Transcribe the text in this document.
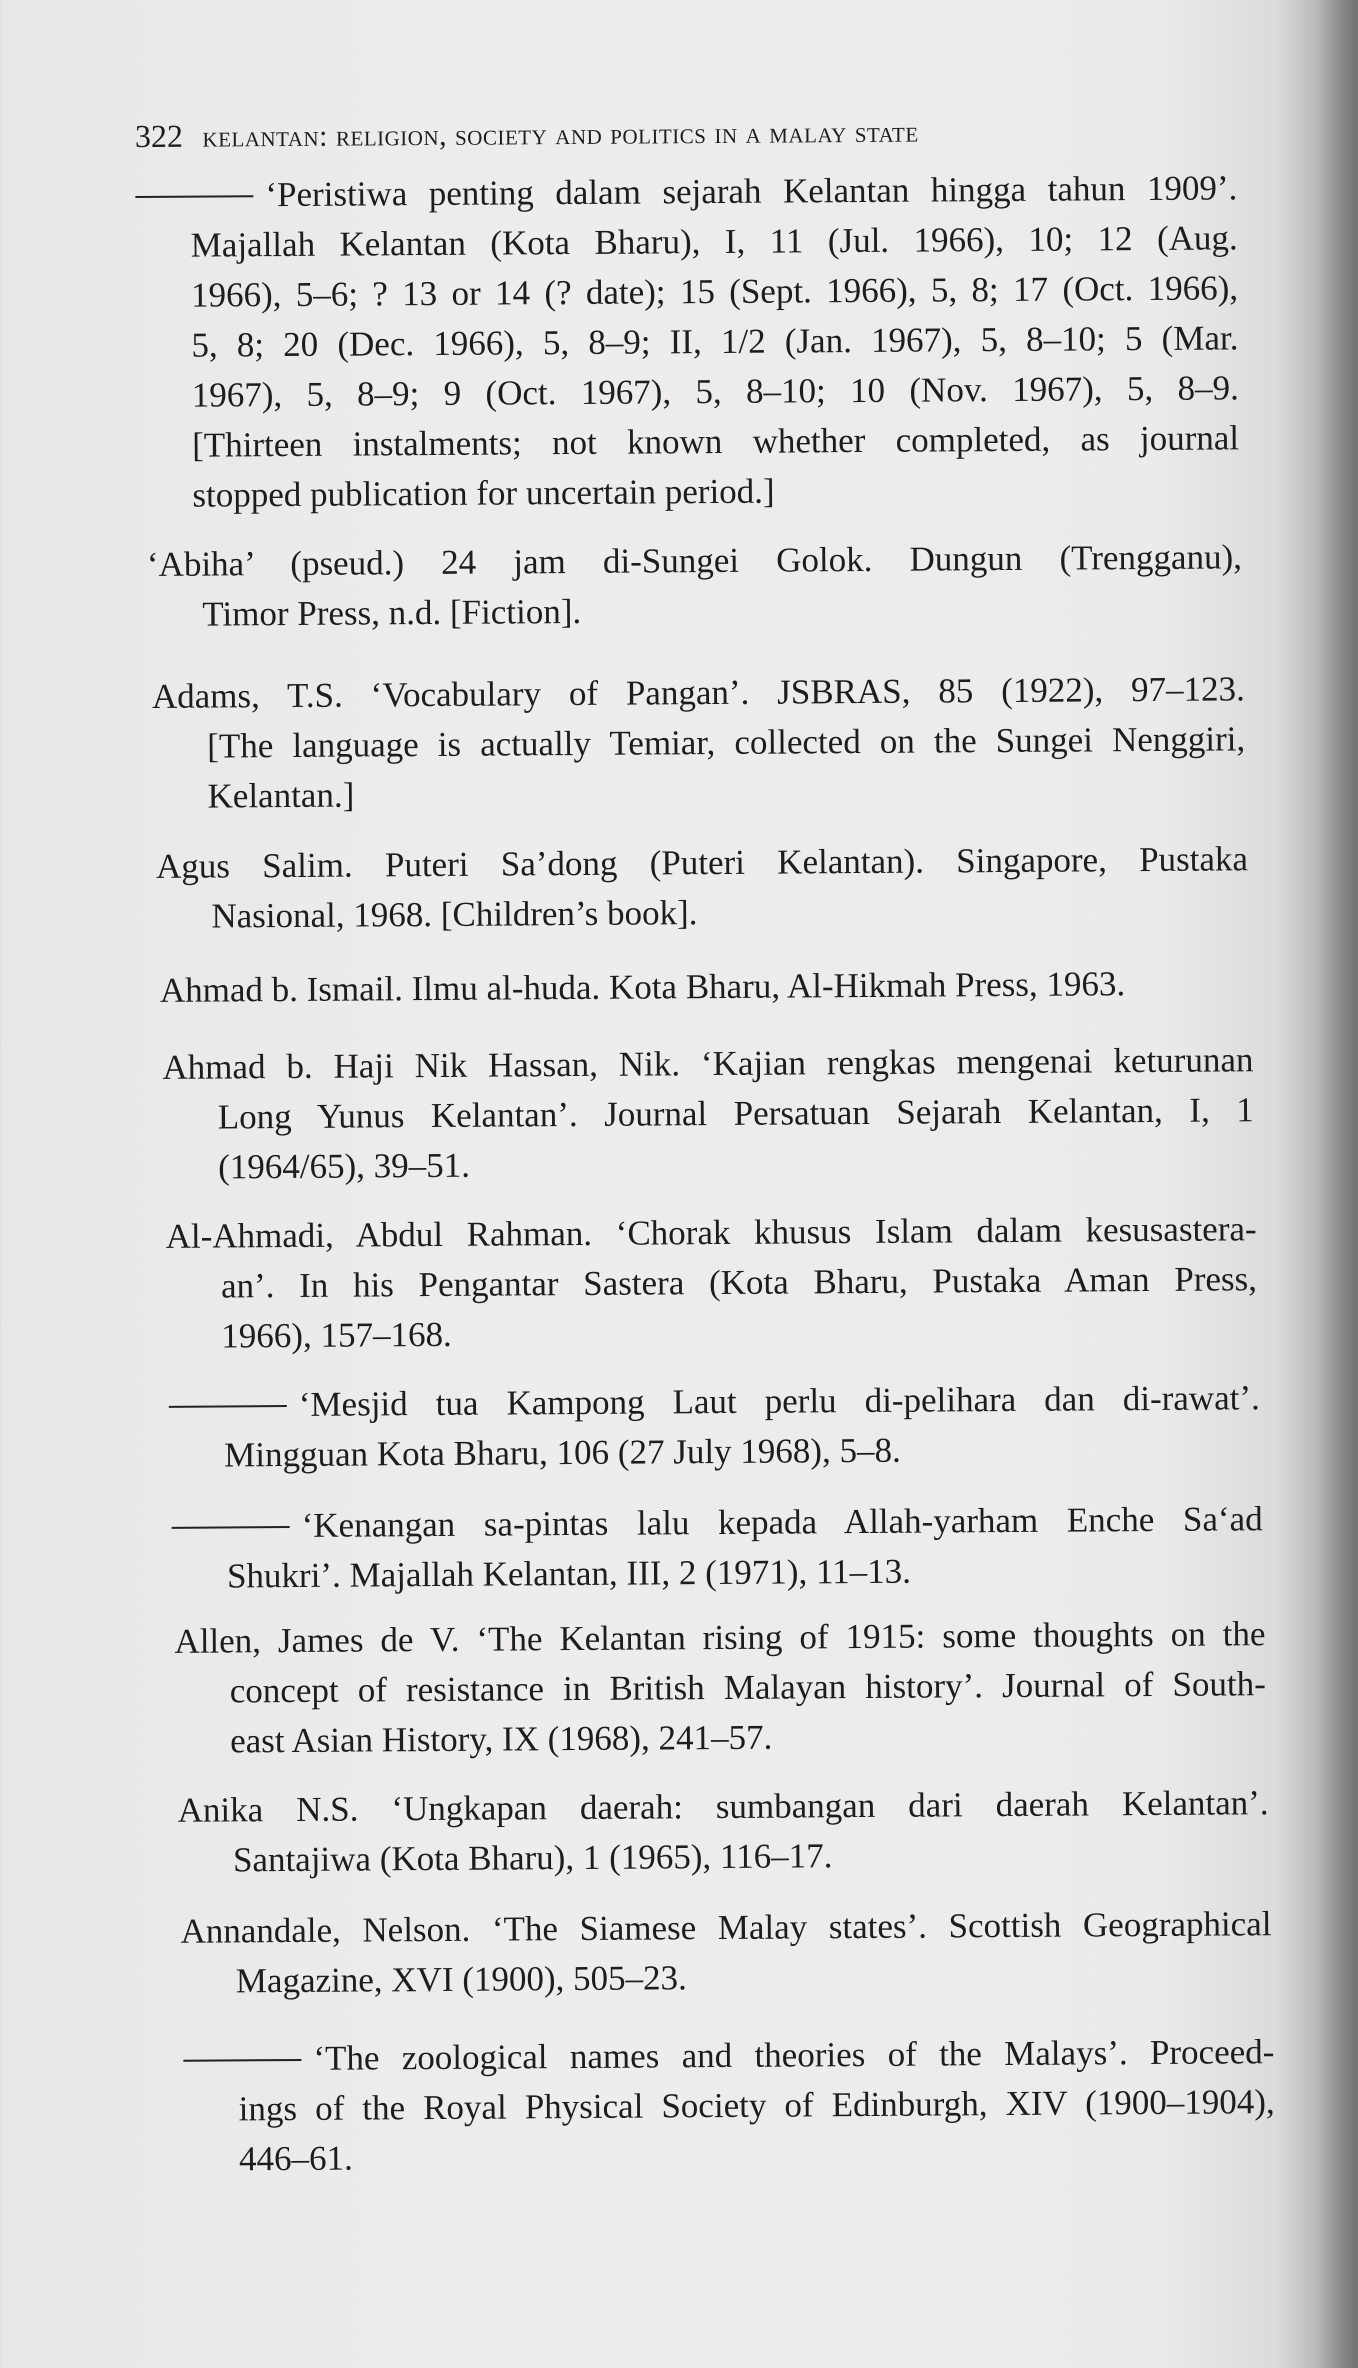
322 kelantan: religion, society and politics in a malay state
‘Peristiwa penting dalam sejarah Kelantan hingga tahun 1909’.
Majallah Kelantan (Kota Bharu), I, 11 (Jul. 1966), 10; 12 (Aug.
1966), 5–6; ? 13 or 14 (? date); 15 (Sept. 1966), 5, 8; 17 (Oct. 1966),
5, 8; 20 (Dec. 1966), 5, 8–9; II, 1/2 (Jan. 1967), 5, 8–10; 5 (Mar.
1967), 5, 8–9; 9 (Oct. 1967), 5, 8–10; 10 (Nov. 1967), 5, 8–9.
[Thirteen instalments; not known whether completed, as journal
stopped publication for uncertain period.]
‘Abiha’ (pseud.) 24 jam di-Sungei Golok. Dungun (Trengganu),
Timor Press, n.d. [Fiction].
Adams, T.S. ‘Vocabulary of Pangan’. JSBRAS, 85 (1922), 97–123.
[The language is actually Temiar, collected on the Sungei Nenggiri,
Kelantan.]
Agus Salim. Puteri Sa’dong (Puteri Kelantan). Singapore, Pustaka
Nasional, 1968. [Children’s book].
Ahmad b. Ismail. Ilmu al-huda. Kota Bharu, Al-Hikmah Press, 1963.
Ahmad b. Haji Nik Hassan, Nik. ‘Kajian rengkas mengenai keturunan
Long Yunus Kelantan’. Journal Persatuan Sejarah Kelantan, I, 1
(1964/65), 39–51.
Al-Ahmadi, Abdul Rahman. ‘Chorak khusus Islam dalam kesusastera-
an’. In his Pengantar Sastera (Kota Bharu, Pustaka Aman Press,
1966), 157–168.
‘Mesjid tua Kampong Laut perlu di-pelihara dan di-rawat’.
Mingguan Kota Bharu, 106 (27 July 1968), 5–8.
‘Kenangan sa-pintas lalu kepada Allah-yarham Enche Sa‘ad
Shukri’. Majallah Kelantan, III, 2 (1971), 11–13.
Allen, James de V. ‘The Kelantan rising of 1915: some thoughts on the
concept of resistance in British Malayan history’. Journal of South-
east Asian History, IX (1968), 241–57.
Anika N.S. ‘Ungkapan daerah: sumbangan dari daerah Kelantan’.
Santajiwa (Kota Bharu), 1 (1965), 116–17.
Annandale, Nelson. ‘The Siamese Malay states’. Scottish Geographical
Magazine, XVI (1900), 505–23.
‘The zoological names and theories of the Malays’. Proceed-
ings of the Royal Physical Society of Edinburgh, XIV (1900–1904),
446–61.
